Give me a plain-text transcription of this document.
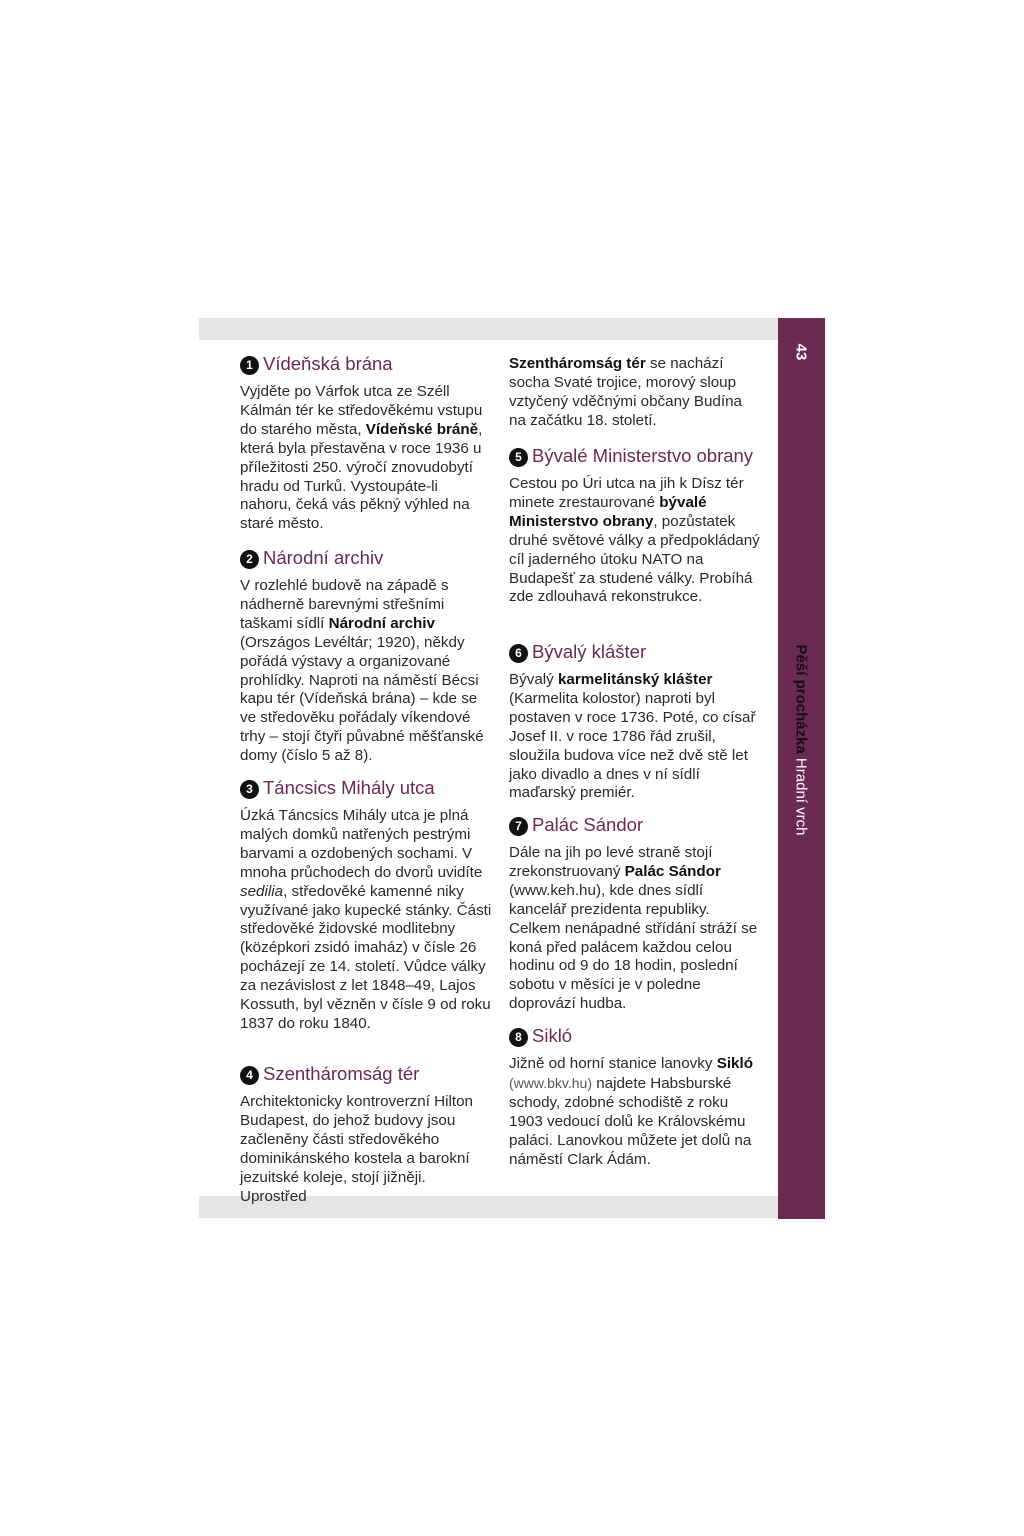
43
Pěší procházka Hradní vrch
1 Vídeňská brána

Vyjděte po Várfok utca ze Széll Kálmán tér ke středověkému vstupu do starého města, Vídeňské bráně, která byla přestavěna v roce 1936 u příležitosti 250. výročí znovudobytí hradu od Turků. Vystoupáte-li nahoru, čeká vás pěkný výhled na staré město.

2 Národní archiv

V rozlehlé budově na západě s nádherně barevnými střešními taškami sídlí Národní archiv (Országos Levéltár; 1920), někdy pořádá výstavy a organizované prohlídky. Naproti na náměstí Bécsi kapu tér (Vídeňská brána) – kde se ve středověku pořádaly víkendové trhy – stojí čtyři půvabné měšťanské domy (číslo 5 až 8).

3 Táncsics Mihály utca

Úzká Táncsics Mihály utca je plná malých domků natřených pestrými barvami a ozdobených sochami. V mnoha průchodech do dvorů uvidíte sedilia, středověké kamenné niky využívané jako kupecké stánky. Části středověké židovské modlitebny (középkori zsidó imaház) v čísle 26 pocházejí ze 14. století. Vůdce války za nezávislost z let 1848–49, Lajos Kossuth, byl vězněn v čísle 9 od roku 1837 do roku 1840.

4 Szentháromság tér

Architektonicky kontroverzní Hilton Budapest, do jehož budovy jsou začleněny části středověkého dominikánského kostela a barokní jezuitské koleje, stojí jižněji. Uprostřed

Szentháromság tér se nachází socha Svaté trojice, morový sloup vztyčený vděčnými občany Budína na začátku 18. století.

5 Bývalé Ministerstvo obrany

Cestou po Úri utca na jih k Dísz tér minete zrestaurované bývalé Ministerstvo obrany, pozůstatek druhé světové války a předpokládaný cíl jaderného útoku NATO na Budapešť za studené války. Probíhá zde zdlouhavá rekonstrukce.

6 Bývalý klášter

Bývalý karmelitánský klášter (Karmelita kolostor) naproti byl postaven v roce 1736. Poté, co císař Josef II. v roce 1786 řád zrušil, sloužila budova více než dvě stě let jako divadlo a dnes v ní sídlí maďarský premiér.

7 Palác Sándor

Dále na jih po levé straně stojí zrekonstruovaný Palác Sándor (www.keh.hu), kde dnes sídlí kancelář prezidenta republiky. Celkem nenápadné střídání stráží se koná před palácem každou celou hodinu od 9 do 18 hodin, poslední sobotu v měsíci je v poledne doprovází hudba.

8 Sikló

Jižně od horní stanice lanovky Sikló (www.bkv.hu) najdete Habsburské schody, zdobné schodiště z roku 1903 vedoucí dolů ke Královskému paláci. Lanovkou můžete jet dolů na náměstí Clark Ádám.
